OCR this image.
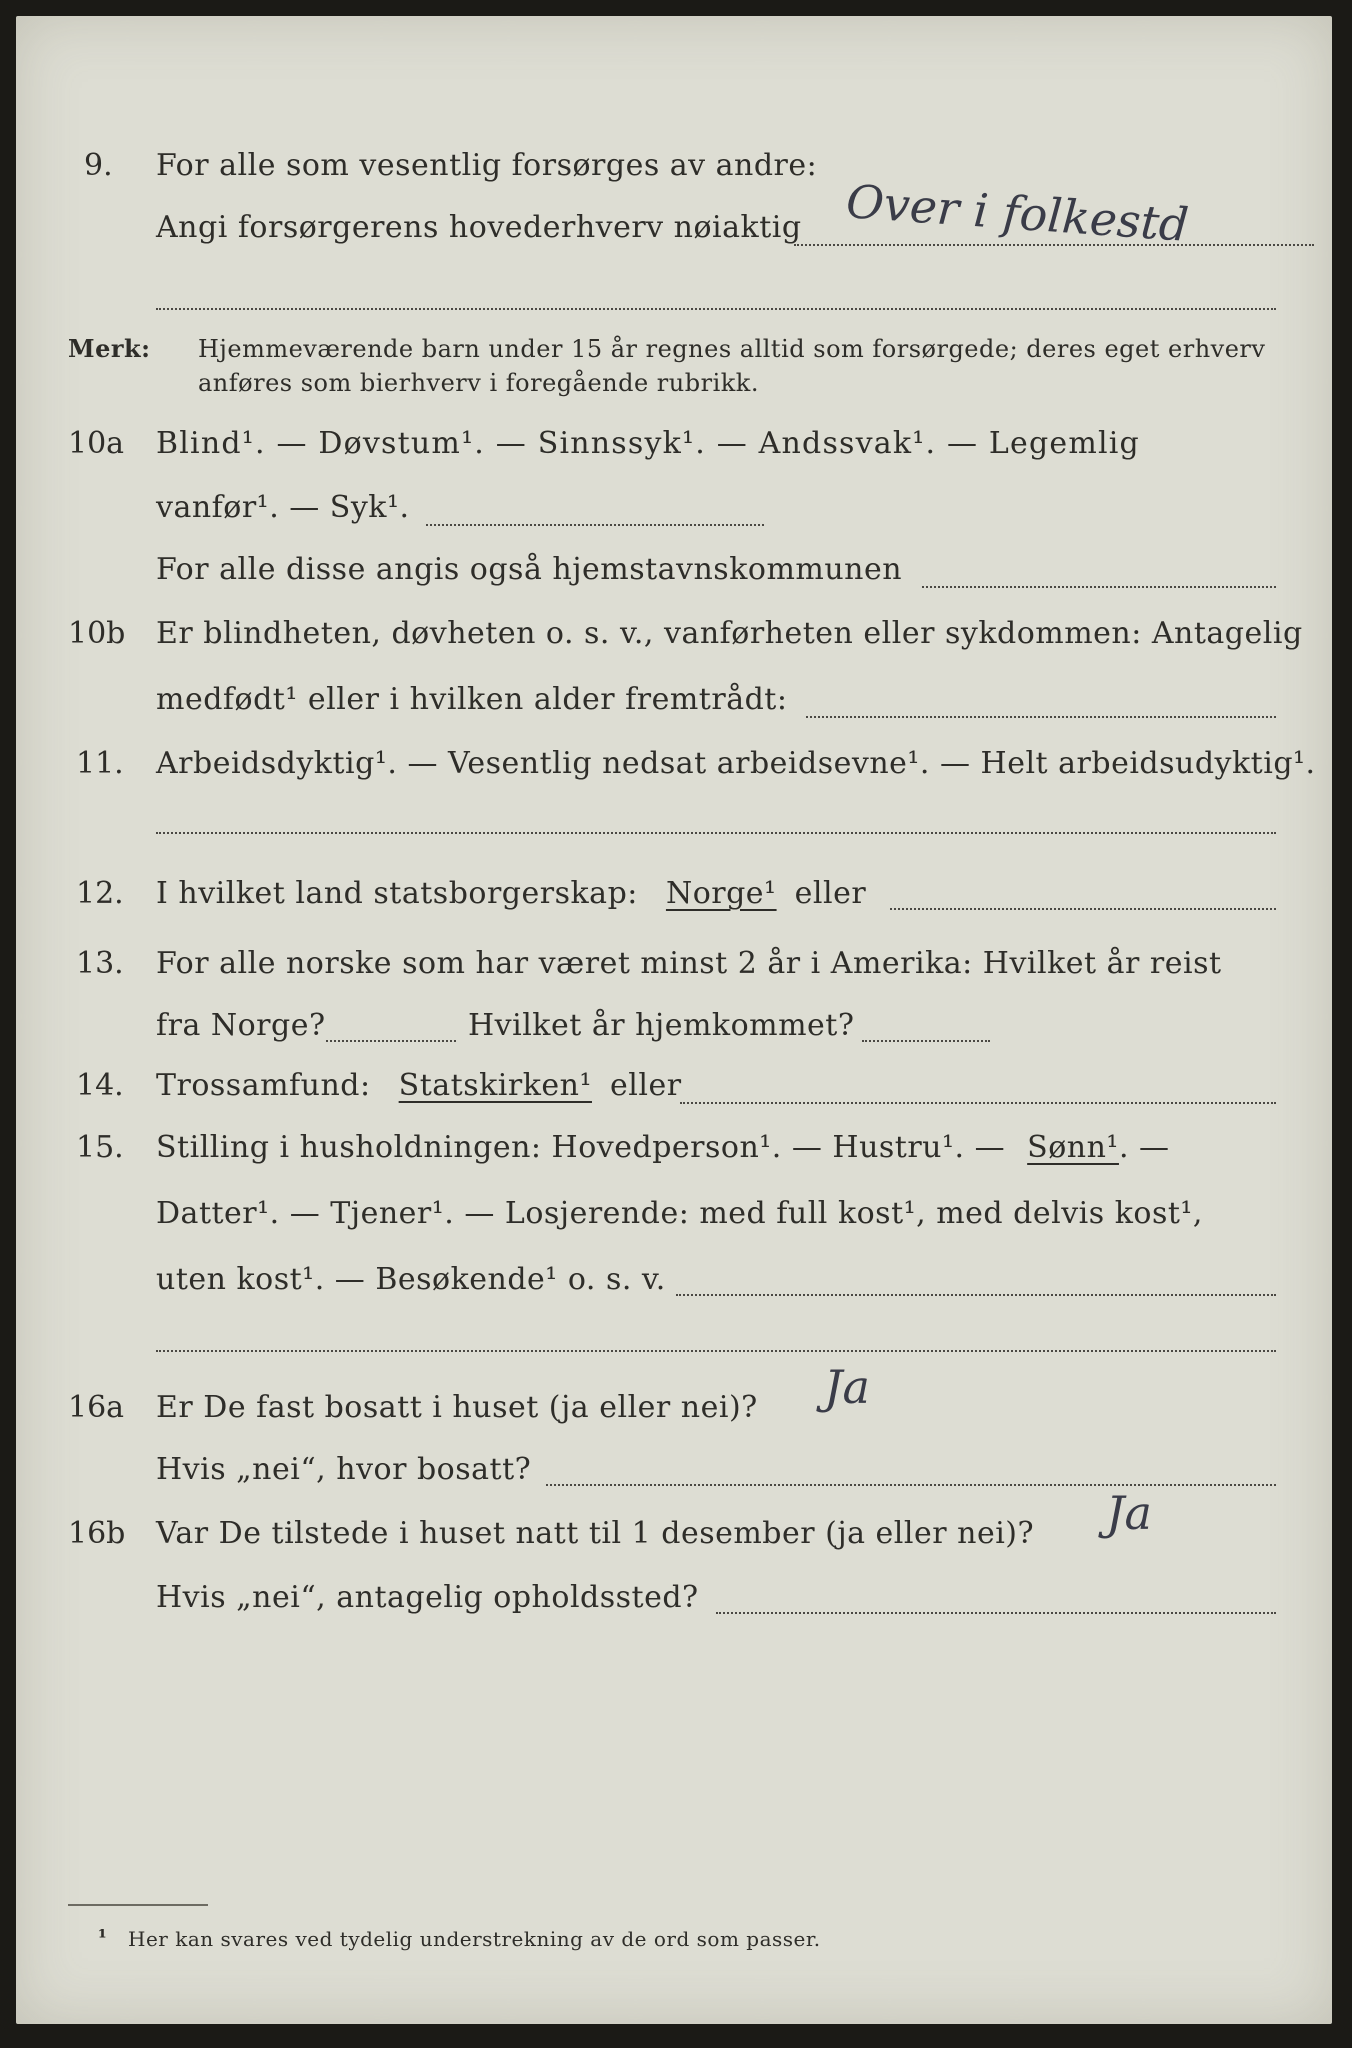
9. For alle som vesentlig forsørges av andre:
Angi forsørgerens hovederhverv nøiaktig Over i folkestd
Merk: Hjemmeværende barn under 15 år regnes alltid som forsørgede; deres eget erhverv
anføres som bierhverv i foregående rubrikk.
10a Blind¹. — Døvstum¹. — Sinnssyk¹. — Andssvak¹. — Legemlig
vanfør¹. — Syk¹.
For alle disse angis også hjemstavnskommunen
10b Er blindheten, døvheten o. s. v., vanførheten eller sykdommen: Antagelig
medfødt¹ eller i hvilken alder fremtrådt:
11. Arbeidsdyktig¹. — Vesentlig nedsat arbeidsevne¹. — Helt arbeidsudyktig¹.
12. I hvilket land statsborgerskap: Norge¹ eller
13. For alle norske som har været minst 2 år i Amerika: Hvilket år reist
fra Norge?	Hvilket år hjemkommet?
14. Trossamfund: Statskirken¹ eller
15. Stilling i husholdningen: Hovedperson¹. — Hustru¹. — Sønn¹. —
Datter¹. — Tjener¹. — Losjerende: med full kost¹, med delvis kost¹,
uten kost¹. — Besøkende¹ o. s. v.
16a Er De fast bosatt i huset (ja eller nei)? Ja
Hvis „nei“, hvor bosatt?
16b Var De tilstede i huset natt til 1 desember (ja eller nei)? Ja
Hvis „nei“, antagelig opholdssted?
¹ Her kan svares ved tydelig understrekning av de ord som passer.
